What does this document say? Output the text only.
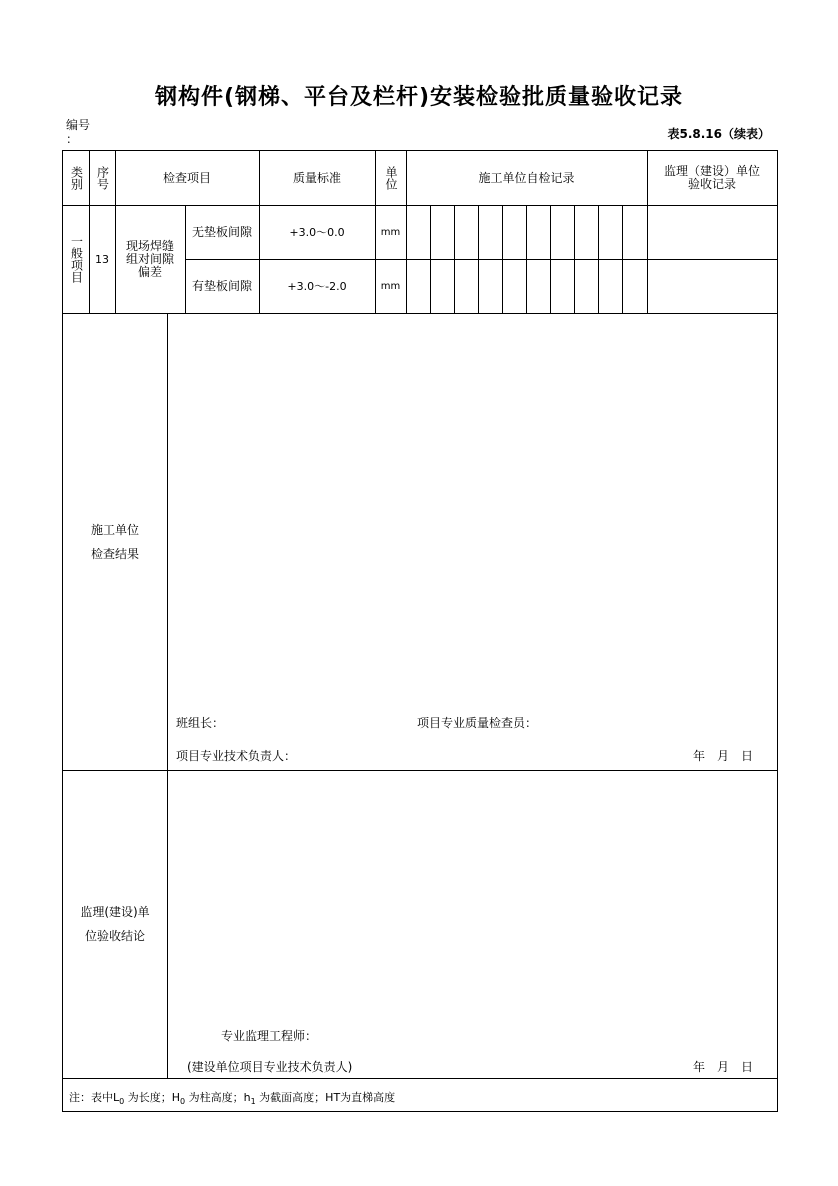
钢构件(钢梯、平台及栏杆)安装检验批质量验收记录
编号
：	表5.8.16（续表）
类别	序号	检查项目	质量标准	单位	施工单位自检记录	监理（建设）单位验收记录
一般项目	13
现场焊缝组对间隙偏差
无垫板间隙	+3.0～0.0	mm
有垫板间隙	+3.0～-2.0	mm
施工单位
检查结果
班组长：	项目专业质量检查员：
项目专业技术负责人：	年　月　日
监理(建设)单
位验收结论
专业监理工程师：
(建设单位项目专业技术负责人)	年　月　日
注：表中$L_0$ 为长度；$H_0$ 为柱高度；$h_1$ 为截面高度；HT为直梯高度
